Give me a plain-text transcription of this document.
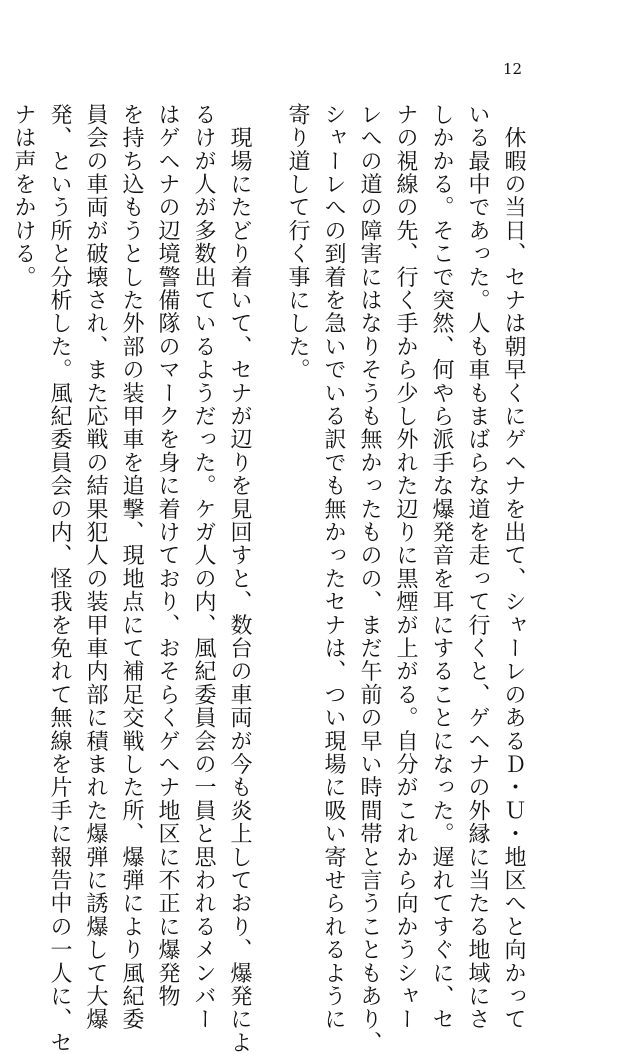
12
　休暇の当日、セナは朝早くにゲヘナを出て、シャーレのあるＤ・Ｕ・地区へと向かって
いる最中であった。人も車もまばらな道を走って行くと、ゲヘナの外縁に当たる地域にさ
しかかる。そこで突然、何やら派手な爆発音を耳にすることになった。遅れてすぐに、セ
ナの視線の先、行く手から少し外れた辺りに黒煙が上がる。自分がこれから向かうシャー
レへの道の障害にはなりそうも無かったものの、まだ午前の早い時間帯と言うこともあり、
シャーレへの到着を急いでいる訳でも無かったセナは、つい現場に吸い寄せられるように
寄り道して行く事にした。
　現場にたどり着いて、セナが辺りを見回すと、数台の車両が今も炎上しており、爆発によ
るけが人が多数出ているようだった。ケガ人の内、風紀委員会の一員と思われるメンバー
はゲヘナの辺境警備隊のマークを身に着けており、おそらくゲヘナ地区に不正に爆発物
を持ち込もうとした外部の装甲車を追撃、現地点にて補足交戦した所、爆弾により風紀委
員会の車両が破壊され、また応戦の結果犯人の装甲車内部に積まれた爆弾に誘爆して大爆
発、という所と分析した。風紀委員会の内、怪我を免れて無線を片手に報告中の一人に、セ
ナは声をかける。
